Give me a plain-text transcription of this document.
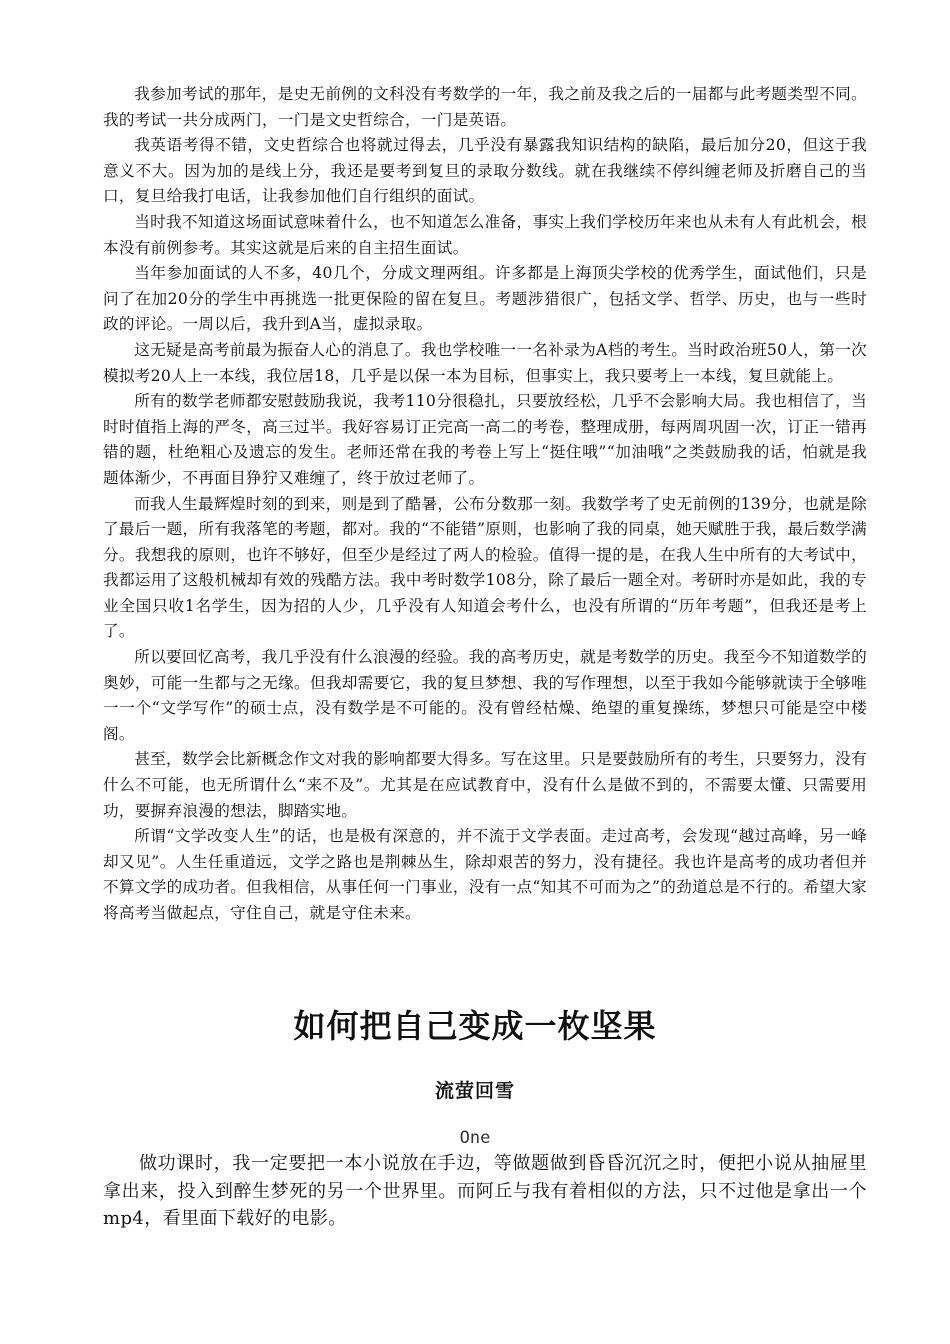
我参加考试的那年，是史无前例的文科没有考数学的一年，我之前及我之后的一届都与此考题类型不同。我的考试一共分成两门，一门是文史哲综合，一门是英语。

我英语考得不错，文史哲综合也将就过得去，几乎没有暴露我知识结构的缺陷，最后加分20，但这于我意义不大。因为加的是线上分，我还是要考到复旦的录取分数线。就在我继续不停纠缠老师及折磨自己的当口，复旦给我打电话，让我参加他们自行组织的面试。

当时我不知道这场面试意味着什么，也不知道怎么准备，事实上我们学校历年来也从未有人有此机会，根本没有前例参考。其实这就是后来的自主招生面试。

当年参加面试的人不多，40几个，分成文理两组。许多都是上海顶尖学校的优秀学生，面试他们，只是问了在加20分的学生中再挑选一批更保险的留在复旦。考题涉猎很广，包括文学、哲学、历史，也与一些时政的评论。一周以后，我升到A当，虚拟录取。

这无疑是高考前最为振奋人心的消息了。我也学校唯一一名补录为A档的考生。当时政治班50人，第一次模拟考20人上一本线，我位居18，几乎是以保一本为目标，但事实上，我只要考上一本线，复旦就能上。

所有的数学老师都安慰鼓励我说，我考110分很稳扎，只要放经松，几乎不会影响大局。我也相信了，当时时值指上海的严冬，高三过半。我好容易订正完高一高二的考卷，整理成册，每两周巩固一次，订正一错再错的题，杜绝粗心及遗忘的发生。老师还常在我的考卷上写上“挺住哦”“加油哦”之类鼓励我的话，怕就是我题体渐少，不再面目狰狞又难缠了，终于放过老师了。

而我人生最辉煌时刻的到来，则是到了酷暑，公布分数那一刻。我数学考了史无前例的139分，也就是除了最后一题，所有我落笔的考题，都对。我的“不能错”原则，也影响了我的同桌，她天赋胜于我，最后数学满分。我想我的原则，也许不够好，但至少是经过了两人的检验。值得一提的是，在我人生中所有的大考试中，我都运用了这般机械却有效的残酷方法。我中考时数学108分，除了最后一题全对。考研时亦是如此，我的专业全国只收1名学生，因为招的人少，几乎没有人知道会考什么，也没有所谓的“历年考题”，但我还是考上了。

所以要回忆高考，我几乎没有什么浪漫的经验。我的高考历史，就是考数学的历史。我至今不知道数学的奥妙，可能一生都与之无缘。但我却需要它，我的复旦梦想、我的写作理想，以至于我如今能够就读于全够唯一一个“文学写作”的硕士点，没有数学是不可能的。没有曾经枯燥、绝望的重复操练，梦想只可能是空中楼阁。

甚至，数学会比新概念作文对我的影响都要大得多。写在这里。只是要鼓励所有的考生，只要努力，没有什么不可能，也无所谓什么“来不及”。尤其是在应试教育中，没有什么是做不到的，不需要太懂、只需要用功，要摒弃浪漫的想法，脚踏实地。

所谓“文学改变人生”的话，也是极有深意的，并不流于文学表面。走过高考，会发现“越过高峰，另一峰却又见”。人生任重道远，文学之路也是荆棘丛生，除却艰苦的努力，没有捷径。我也许是高考的成功者但并不算文学的成功者。但我相信，从事任何一门事业，没有一点“知其不可而为之”的劲道总是不行的。希望大家将高考当做起点，守住自己，就是守住未来。

如何把自己变成一枚坚果
流萤回雪
One

做功课时，我一定要把一本小说放在手边，等做题做到昏昏沉沉之时，便把小说从抽屉里拿出来，投入到醉生梦死的另一个世界里。而阿丘与我有着相似的方法，只不过他是拿出一个mp4，看里面下载好的电影。
